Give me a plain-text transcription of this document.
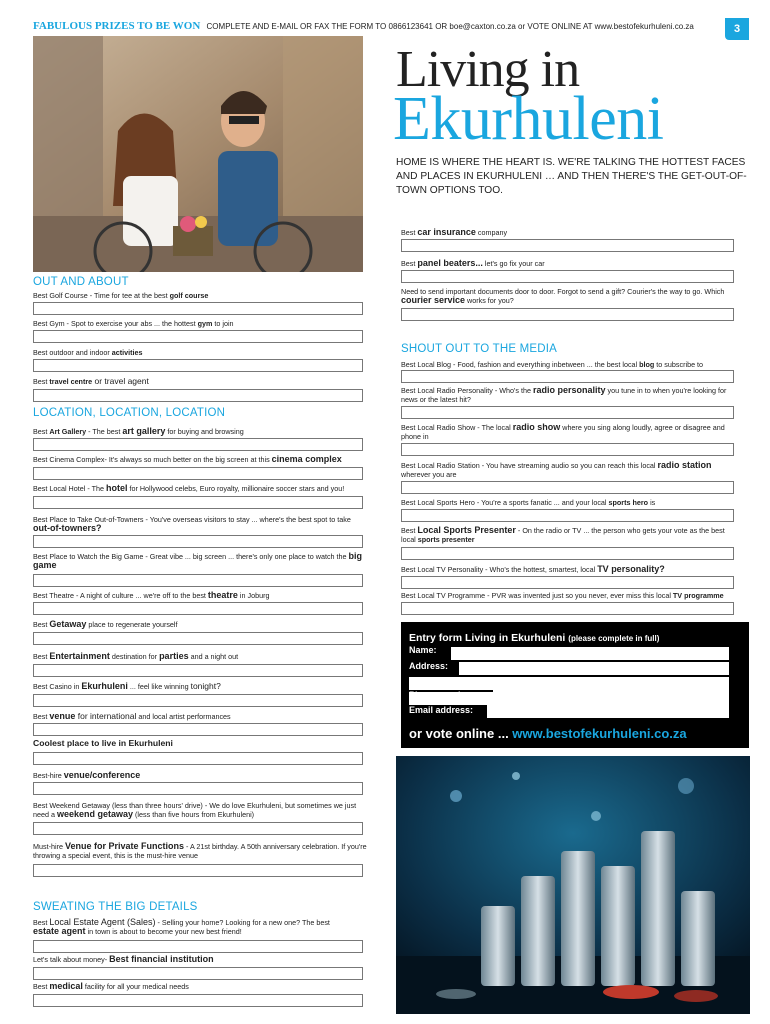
FABULOUS PRIZES TO BE WON COMPLETE AND E-MAIL OR FAX THE FORM TO 0866123641 OR boe@caxton.co.za or VOTE ONLINE AT www.bestofekurhuleni.co.za	3
Living in
Ekurhuleni
HOME IS WHERE THE HEART IS. WE'RE TALKING THE HOTTEST FACES AND PLACES IN EKURHULENI … AND THEN THERE'S THE GET-OUT-OF-TOWN OPTIONS TOO.
Best car insurance company
Best panel beaters... let's go fix your car
Need to send important documents door to door. Forgot to send a gift? Courier's the way to go. Which courier service works for you?
SHOUT OUT TO THE MEDIA
Best Local Blog - Food, fashion and everything inbetween ... the best local blog to subscribe to
Best Local Radio Personality - Who's the radio personality you tune in to when you're looking for news or the latest hit?
Best Local Radio Show - The local radio show where you sing along loudly, agree or disagree and phone in
Best Local Radio Station - You have streaming audio so you can reach this local radio station wherever you are
Best Local Sports Hero - You're a sports fanatic ... and your local sports hero is
Best Local Sports Presenter - On the radio or TV ... the person who gets your vote as the best local sports presenter
Best Local TV Personality - Who's the hottest, smartest, local TV personality?
Best Local TV Programme - PVR was invented just so you never, ever miss this local TV programme
Entry form Living in Ekurhuleni (please complete in full)
Name:
Address:
Phone number:
Email address:
or vote online ... www.bestofekurhuleni.co.za
OUT AND ABOUT
Best Golf Course - Time for tee at the best golf course
Best Gym - Spot to exercise your abs ... the hottest gym to join
Best outdoor and indoor activities
Best travel centre or travel agent
LOCATION, LOCATION, LOCATION
Best Art Gallery - The best art gallery for buying and browsing
Best Cinema Complex- It's always so much better on the big screen at this cinema complex
Best Local Hotel - The hotel for Hollywood celebs, Euro royalty, millionaire soccer stars and you!
Best Place to Take Out-of-Towners - You've overseas visitors to stay ... where's the best spot to take out-of-towners?
Best Place to Watch the Big Game - Great vibe ... big screen ... there's only one place to watch the big game
Best Theatre - A night of culture ... we're off to the best theatre in Joburg
Best Getaway place to regenerate yourself
Best Entertainment destination for parties and a night out
Best Casino in Ekurhuleni ... feel like winning tonight?
Best venue for international and local artist performances
Coolest place to live in Ekurhuleni
Best-hire venue/conference
Best Weekend Getaway (less than three hours' drive) - We do love Ekurhuleni, but sometimes we just need a weekend getaway (less than five hours from Ekurhuleni)
Must-hire Venue for Private Functions - A 21st birthday. A 50th anniversary celebration. If you're throwing a special event, this is the must-hire venue
SWEATING THE BIG DETAILS
Best Local Estate Agent (Sales) - Selling your home? Looking for a new one? The best estate agent in town is about to become your new best friend!
Let's talk about money- Best financial institution
Best medical facility for all your medical needs
